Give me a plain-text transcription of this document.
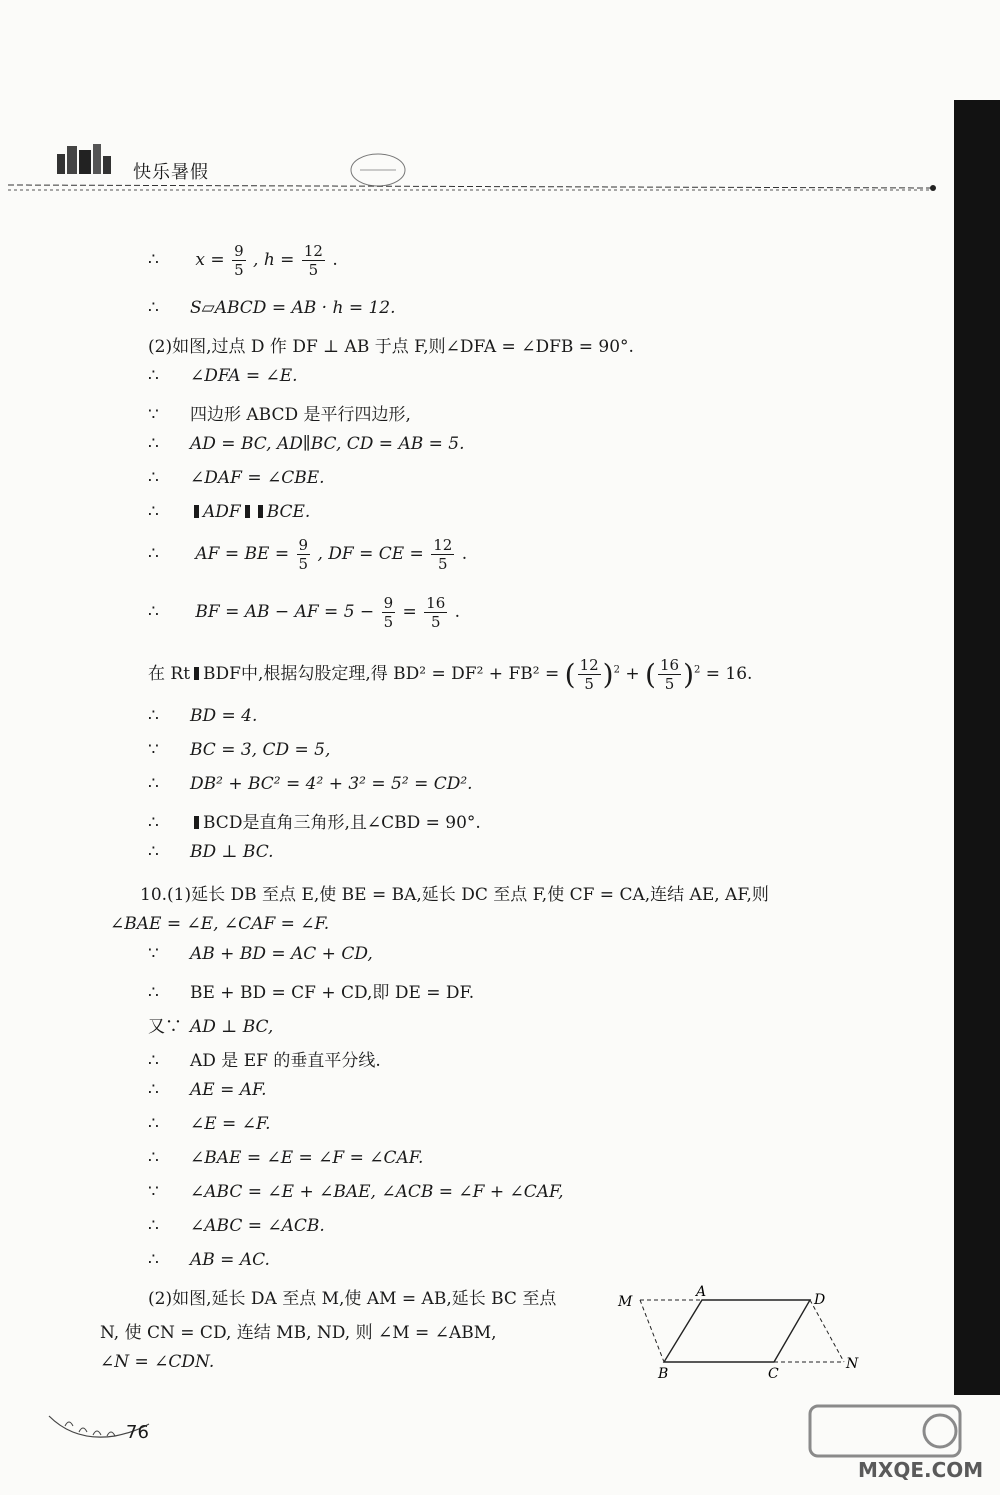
快乐暑假
∴ $x = \frac{9}{5}$ , $h = \frac{12}{5}$ .
∴ S▱ABCD = AB · h = 12.
(2)如图,过点 D 作 DF ⊥ AB 于点 F,则∠DFA = ∠DFB = 90°.
∴ ∠DFA = ∠E.
∵ 四边形 ABCD 是平行四边形,
∴ AD = BC, AD∥BC, CD = AB = 5.
∴ ∠DAF = ∠CBE.
∴	ADF BCE.
∴ AF = BE = $\frac{9}{5}$ , DF = CE = $\frac{12}{5}$ .
∴ BF = AB − AF = $5 - \frac{9}{5} = \frac{16}{5}$ .
在 Rt BDF中,根据勾股定理,得 BD² = DF² + FB² = ( $\frac{12}{5} )^2$ + ( $\frac{16}{5} )^2 = 16$.
∴ BD = 4.
∵ BC = 3, CD = 5,
∴ DB² + BC² = 4² + 3² = 5² = CD².
∴	BCD是直角三角形,且∠CBD = 90°.
∴ BD ⊥ BC.
10.(1)延长 DB 至点 E,使 BE = BA,延长 DC 至点 F,使 CF = CA,连结 AE, AF,则
∠BAE = ∠E, ∠CAF = ∠F.
∵ AB + BD = AC + CD,
∴ BE + BD = CF + CD,即 DE = DF.
又∵ AD ⊥ BC,
∴ AD 是 EF 的垂直平分线.
∴ AE = AF.
∴ ∠E = ∠F.
∴ ∠BAE = ∠E = ∠F = ∠CAF.
∵ ∠ABC = ∠E + ∠BAE, ∠ACB = ∠F + ∠CAF,
∴ ∠ABC = ∠ACB.
∴ AB = AC.
(2)如图,延长 DA 至点 M,使 AM = AB,延长 BC 至点
N, 使 CN = CD, 连结 MB, ND, 则 ∠M = ∠ABM,
∠N = ∠CDN.
M
A	D
B	C
N
76
MXQE.COM
